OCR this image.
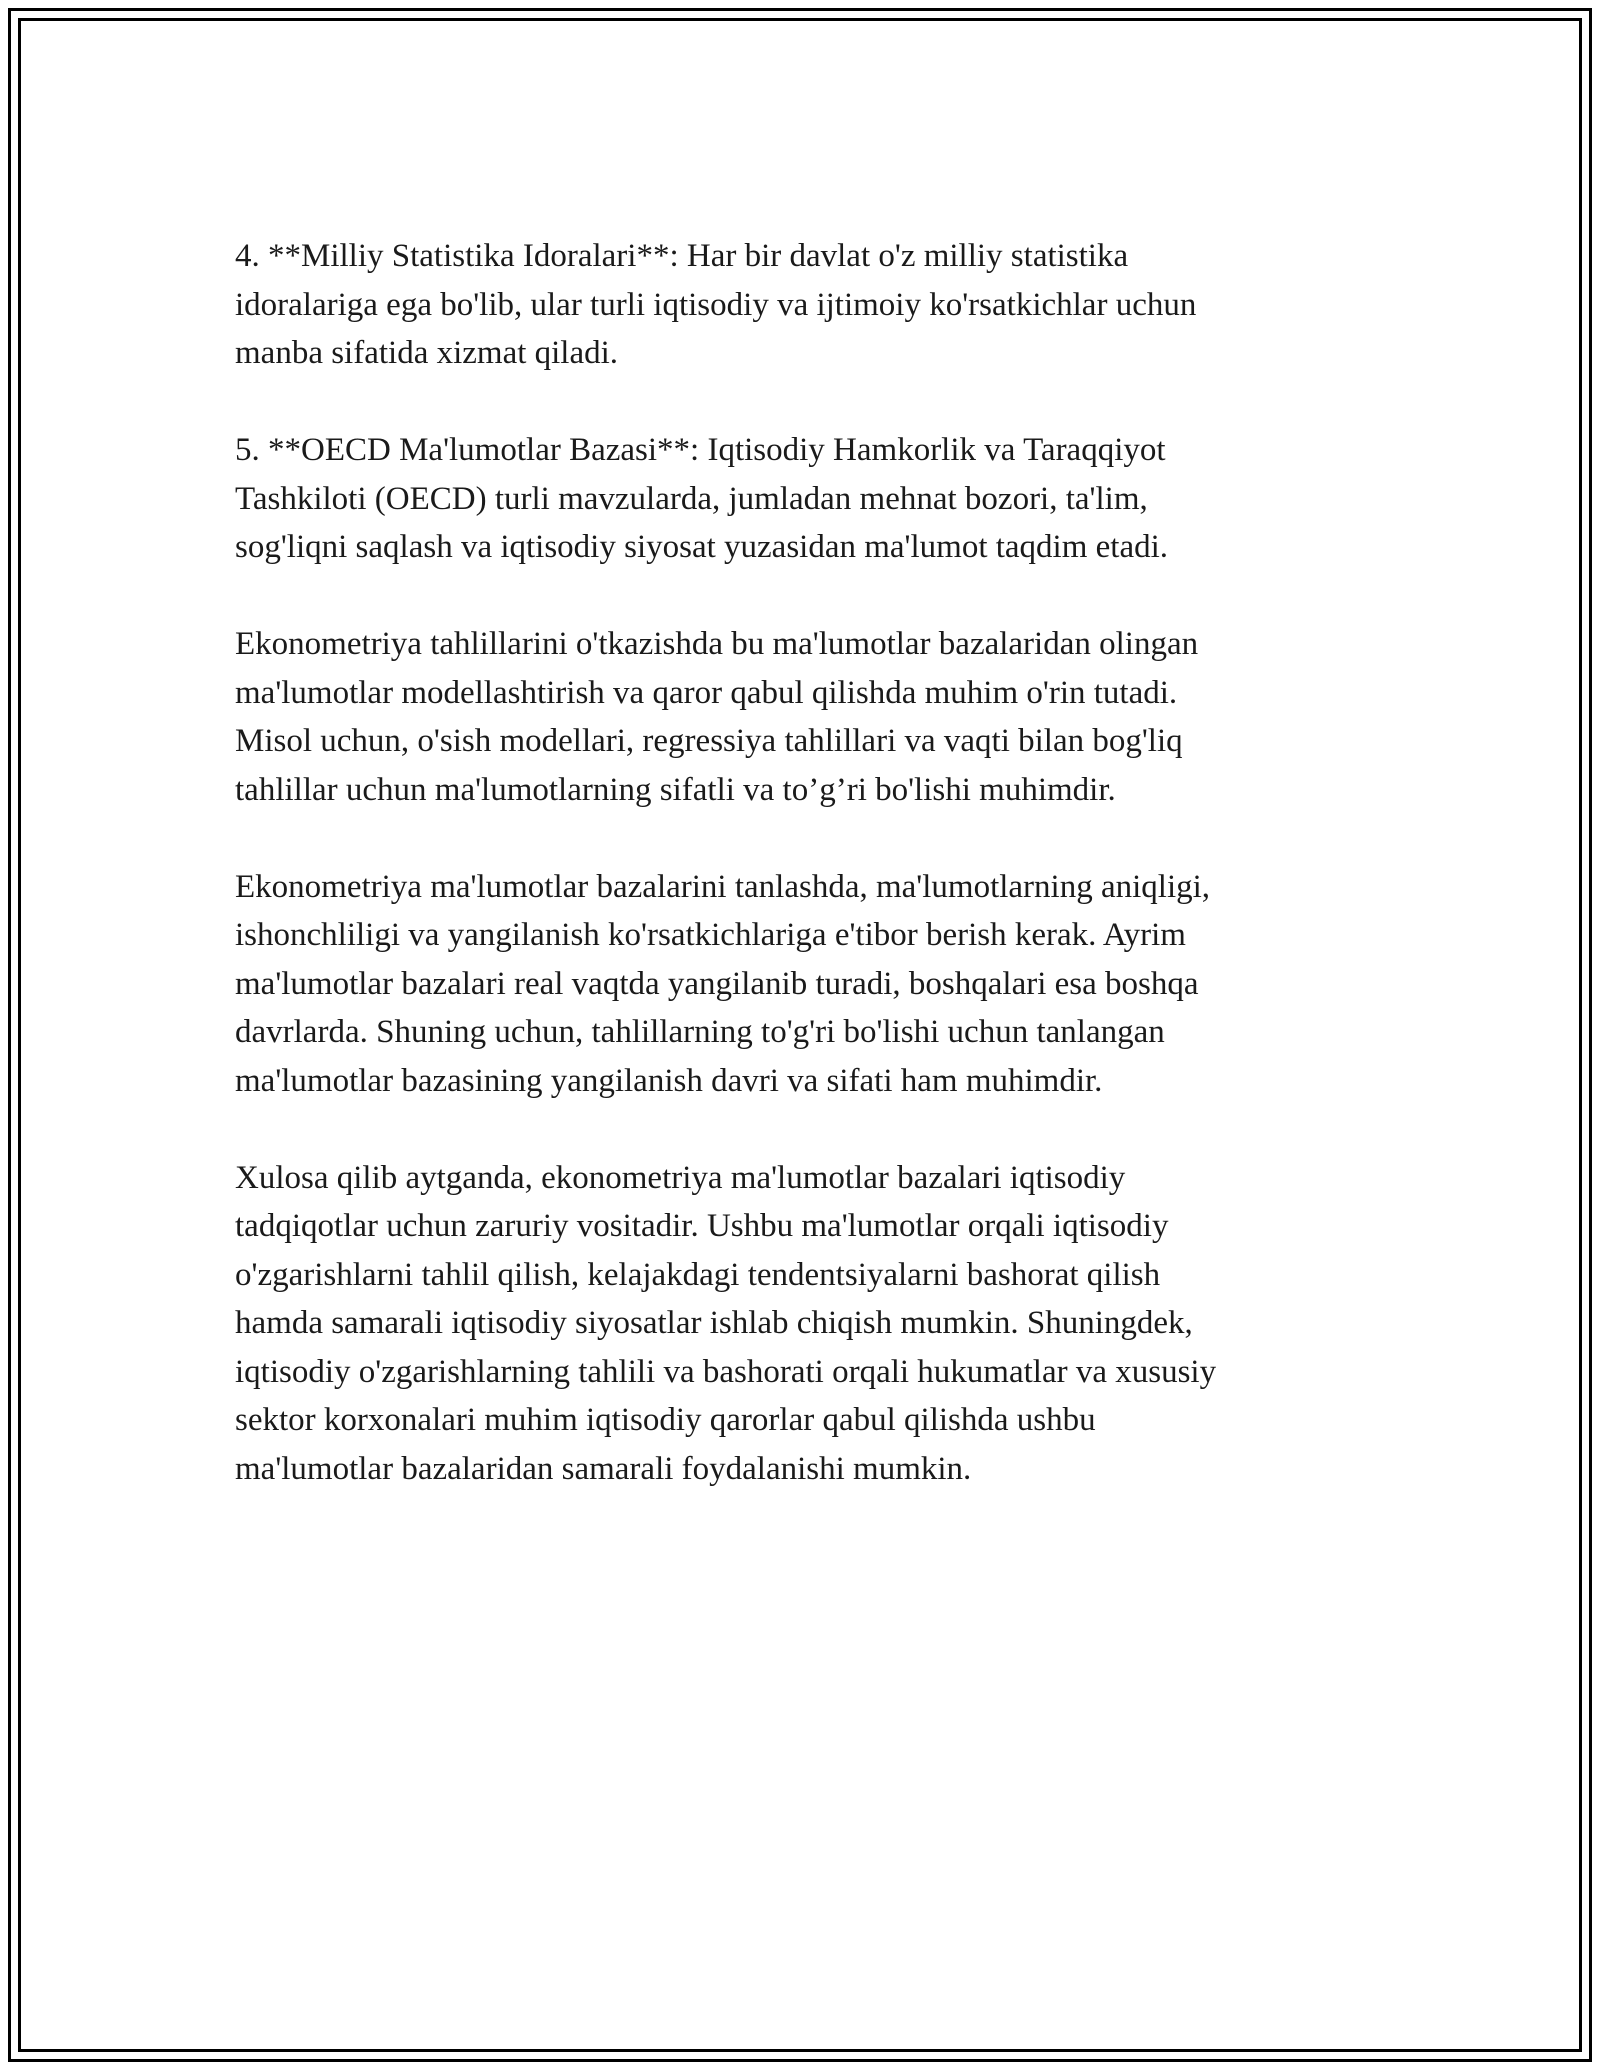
4. **Milliy Statistika Idoralari**: Har bir davlat o'z milliy statistika
idoralariga ega bo'lib, ular turli iqtisodiy va ijtimoiy ko'rsatkichlar uchun
manba sifatida xizmat qiladi.

5. **OECD Ma'lumotlar Bazasi**: Iqtisodiy Hamkorlik va Taraqqiyot
Tashkiloti (OECD) turli mavzularda, jumladan mehnat bozori, ta'lim,
sog'liqni saqlash va iqtisodiy siyosat yuzasidan ma'lumot taqdim etadi.

Ekonometriya tahlillarini o'tkazishda bu ma'lumotlar bazalaridan olingan
ma'lumotlar modellashtirish va qaror qabul qilishda muhim o'rin tutadi.
Misol uchun, o'sish modellari, regressiya tahlillari va vaqti bilan bog'liq
tahlillar uchun ma'lumotlarning sifatli va to’g’ri bo'lishi muhimdir.

Ekonometriya ma'lumotlar bazalarini tanlashda, ma'lumotlarning aniqligi,
ishonchliligi va yangilanish ko'rsatkichlariga e'tibor berish kerak. Ayrim
ma'lumotlar bazalari real vaqtda yangilanib turadi, boshqalari esa boshqa
davrlarda. Shuning uchun, tahlillarning to'g'ri bo'lishi uchun tanlangan
ma'lumotlar bazasining yangilanish davri va sifati ham muhimdir.

Xulosa qilib aytganda, ekonometriya ma'lumotlar bazalari iqtisodiy
tadqiqotlar uchun zaruriy vositadir. Ushbu ma'lumotlar orqali iqtisodiy
o'zgarishlarni tahlil qilish, kelajakdagi tendentsiyalarni bashorat qilish
hamda samarali iqtisodiy siyosatlar ishlab chiqish mumkin. Shuningdek,
iqtisodiy o'zgarishlarning tahlili va bashorati orqali hukumatlar va xususiy
sektor korxonalari muhim iqtisodiy qarorlar qabul qilishda ushbu
ma'lumotlar bazalaridan samarali foydalanishi mumkin.
